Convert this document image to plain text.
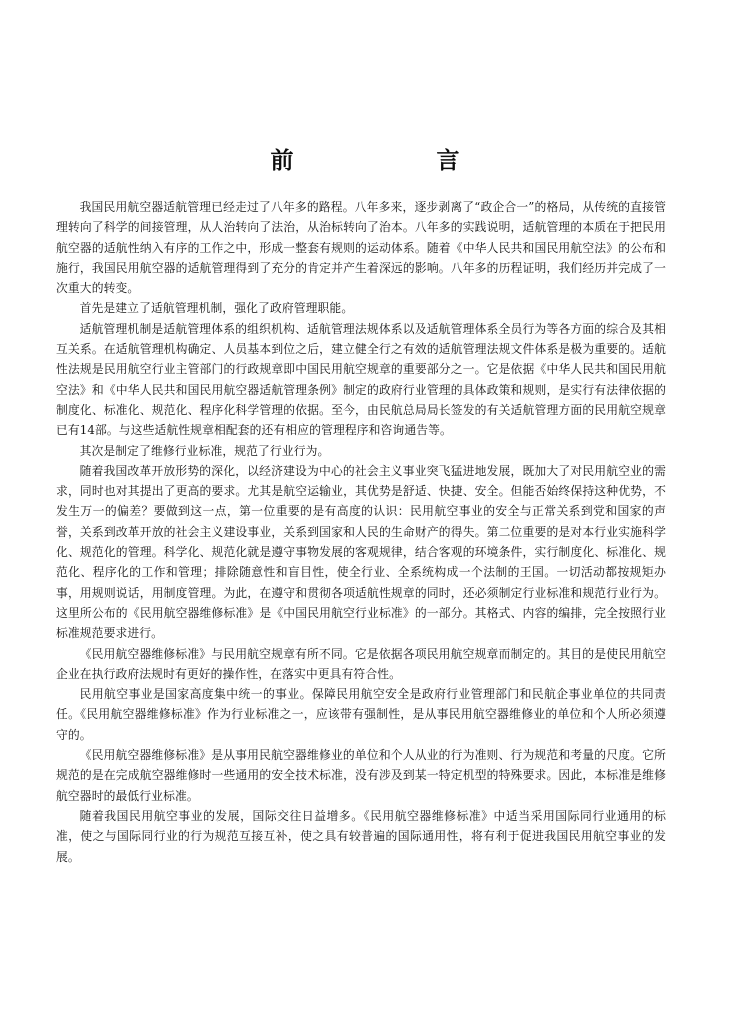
前　言

我国民用航空器适航管理已经走过了八年多的路程。八年多来，逐步剥离了“政企合一”的格局，从传统的直接管理转向了科学的间接管理，从人治转向了法治，从治标转向了治本。八年多的实践说明，适航管理的本质在于把民用航空器的适航性纳入有序的工作之中，形成一整套有规则的运动体系。随着《中华人民共和国民用航空法》的公布和施行，我国民用航空器的适航管理得到了充分的肯定并产生着深远的影响。八年多的历程证明，我们经历并完成了一次重大的转变。

首先是建立了适航管理机制，强化了政府管理职能。

适航管理机制是适航管理体系的组织机构、适航管理法规体系以及适航管理体系全员行为等各方面的综合及其相互关系。在适航管理机构确定、人员基本到位之后，建立健全行之有效的适航管理法规文件体系是极为重要的。适航性法规是民用航空行业主管部门的行政规章即中国民用航空规章的重要部分之一。它是依据《中华人民共和国民用航空法》和《中华人民共和国民用航空器适航管理条例》制定的政府行业管理的具体政策和规则，是实行有法律依据的制度化、标准化、规范化、程序化科学管理的依据。至今，由民航总局局长签发的有关适航管理方面的民用航空规章已有14部。与这些适航性规章相配套的还有相应的管理程序和咨询通告等。

其次是制定了维修行业标准，规范了行业行为。

随着我国改革开放形势的深化，以经济建设为中心的社会主义事业突飞猛进地发展，既加大了对民用航空业的需求，同时也对其提出了更高的要求。尤其是航空运输业，其优势是舒适、快捷、安全。但能否始终保持这种优势，不发生万一的偏差？要做到这一点，第一位重要的是有高度的认识：民用航空事业的安全与正常关系到党和国家的声誉，关系到改革开放的社会主义建设事业，关系到国家和人民的生命财产的得失。第二位重要的是对本行业实施科学化、规范化的管理。科学化、规范化就是遵守事物发展的客观规律，结合客观的环境条件，实行制度化、标准化、规范化、程序化的工作和管理；排除随意性和盲目性，使全行业、全系统构成一个法制的王国。一切活动都按规矩办事，用规则说话，用制度管理。为此，在遵守和贯彻各项适航性规章的同时，还必须制定行业标准和规范行业行为。这里所公布的《民用航空器维修标准》是《中国民用航空行业标准》的一部分。其格式、内容的编排，完全按照行业标准规范要求进行。

《民用航空器维修标准》与民用航空规章有所不同。它是依据各项民用航空规章而制定的。其目的是使民用航空企业在执行政府法规时有更好的操作性，在落实中更具有符合性。

民用航空事业是国家高度集中统一的事业。保障民用航空安全是政府行业管理部门和民航企事业单位的共同责任。《民用航空器维修标准》作为行业标准之一，应该带有强制性，是从事民用航空器维修业的单位和个人所必须遵守的。

《民用航空器维修标准》是从事用民航空器维修业的单位和个人从业的行为准则、行为规范和考量的尺度。它所规范的是在完成航空器维修时一些通用的安全技术标准，没有涉及到某一特定机型的特殊要求。因此，本标准是维修航空器时的最低行业标准。

随着我国民用航空事业的发展，国际交往日益增多。《民用航空器维修标准》中适当采用国际同行业通用的标准，使之与国际同行业的行为规范互接互补，使之具有较普遍的国际通用性，将有利于促进我国民用航空事业的发展。
